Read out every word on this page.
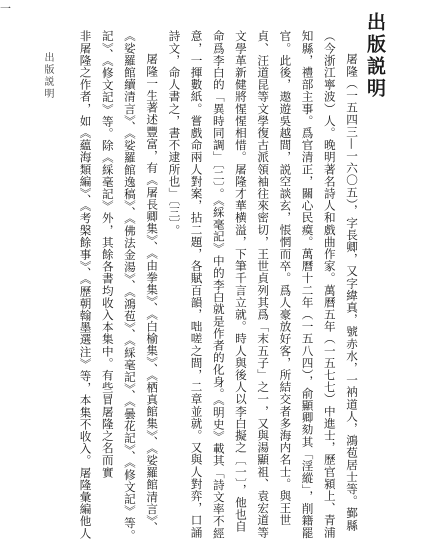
出版説明
屠隆（一五四三—一六〇五），字長卿，又字緯真，號赤水，一衲道人，鴻苞居士等。鄞縣
（今浙江寧波）人。晚明著名詩人和戲曲作家。萬曆五年（一五七七）中進士，歷官潁上、青浦
知縣，禮部主事。爲官清正，關心民瘼。萬曆十二年（一五八四），俞顯卿劾其「淫縱」，削籍罷
官。此後，遨遊吳越間，説空談玄，悵惘而卒。爲人豪放好客，所結交者多海内名士。與王世
貞、汪道昆等文學復古派領袖往來密切，王世貞列其爲「末五子」之一，又與湯顯祖、袁宏道等
文學革新健將惺惺相惜。屠隆才華横溢，下筆千言立就。時人與後人以李白擬之〔一〕，他也自
命爲李白的「異時同調」〔二〕。《綵毫記》中的李白就是作者的化身。《明史》載其「詩文率不經
意，一揮數紙。嘗戲命兩人對案，拈二題，各賦百韻，咄嗟之間，二章並就。又與人對弈，口誦
詩文，命人書之，書不逮所也」〔三〕。
屠隆一生著述豐富，有《屠長卿集》、《由拳集》、《白榆集》、《栖真館集》、《娑羅館清言》、
《娑羅館續清言》、《娑羅館逸稿》、《佛法金湯》、《鴻苞》、《綵毫記》、《曇花記》、《修文記》等。
記》、《修文記》等。除《綵毫記》外，其餘各書均收入本集中。有些冒屠隆之名而實
非屠隆之作者，如《藴海類編》、《考槃餘事》、《歷朝翰墨選注》等，本集不收入。屠隆彙編他人
出版説明
一
